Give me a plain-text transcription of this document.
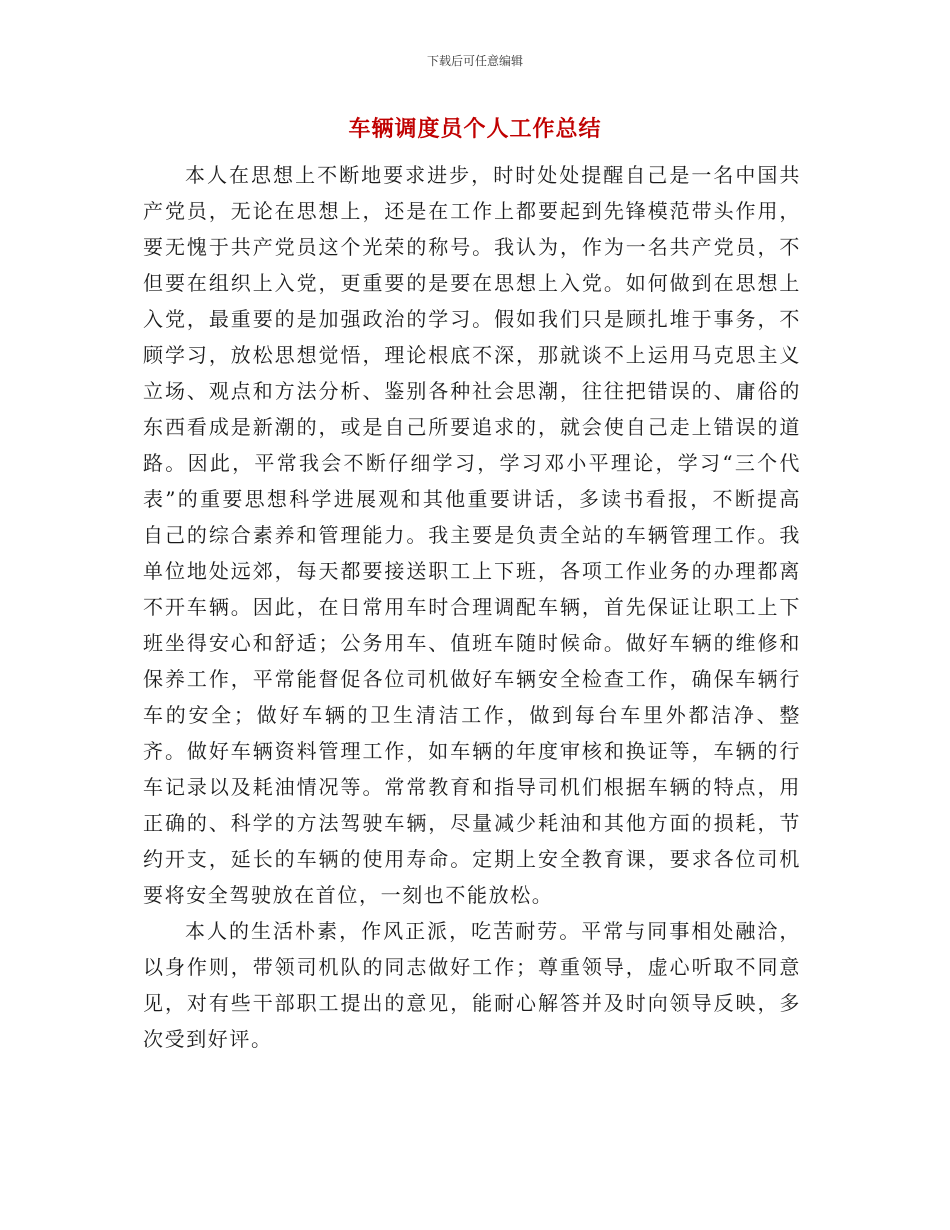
下载后可任意编辑
车辆调度员个人工作总结

本人在思想上不断地要求进步，时时处处提醒自己是一名中国共产党员，无论在思想上，还是在工作上都要起到先锋模范带头作用，要无愧于共产党员这个光荣的称号。我认为，作为一名共产党员，不但要在组织上入党，更重要的是要在思想上入党。如何做到在思想上入党，最重要的是加强政治的学习。假如我们只是顾扎堆于事务，不顾学习，放松思想觉悟，理论根底不深，那就谈不上运用马克思主义立场、观点和方法分析、鉴别各种社会思潮，往往把错误的、庸俗的东西看成是新潮的，或是自己所要追求的，就会使自己走上错误的道路。因此，平常我会不断仔细学习，学习邓小平理论，学习“三个代表”的重要思想科学进展观和其他重要讲话，多读书看报，不断提高自己的综合素养和管理能力。我主要是负责全站的车辆管理工作。我单位地处远郊，每天都要接送职工上下班，各项工作业务的办理都离不开车辆。因此，在日常用车时合理调配车辆，首先保证让职工上下班坐得安心和舒适；公务用车、值班车随时候命。做好车辆的维修和保养工作，平常能督促各位司机做好车辆安全检查工作，确保车辆行车的安全；做好车辆的卫生清洁工作，做到每台车里外都洁净、整齐。做好车辆资料管理工作，如车辆的年度审核和换证等，车辆的行车记录以及耗油情况等。常常教育和指导司机们根据车辆的特点，用正确的、科学的方法驾驶车辆，尽量减少耗油和其他方面的损耗，节约开支，延长的车辆的使用寿命。定期上安全教育课，要求各位司机要将安全驾驶放在首位，一刻也不能放松。

本人的生活朴素，作风正派，吃苦耐劳。平常与同事相处融洽，以身作则，带领司机队的同志做好工作；尊重领导，虚心听取不同意见，对有些干部职工提出的意见，能耐心解答并及时向领导反映，多次受到好评。
